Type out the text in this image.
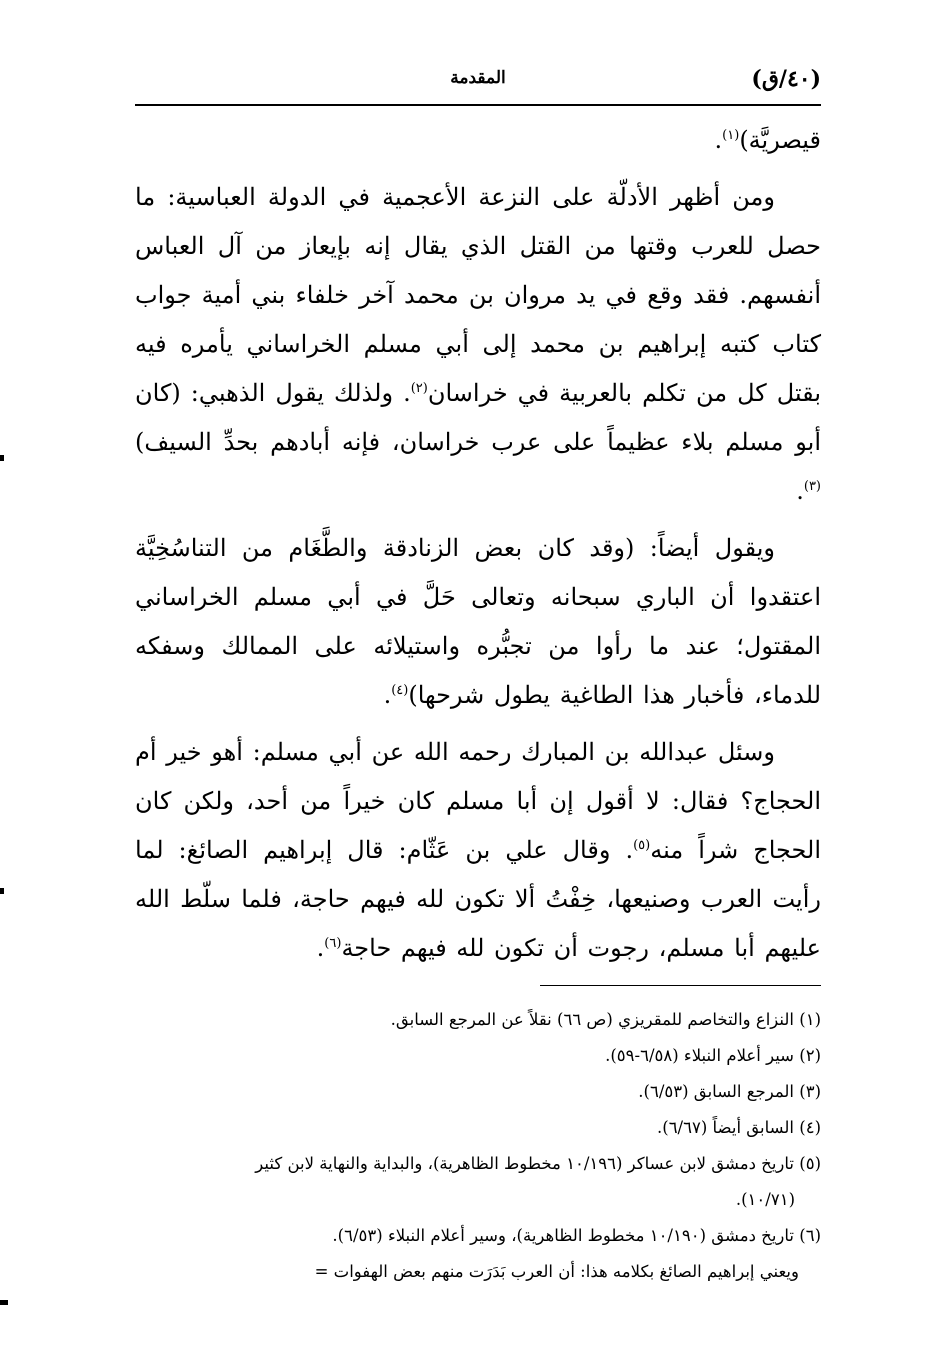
(٤٠/ق)
المقدمة

قيصريَّة)$^{(١)}$.

ومن أظهر الأدلّة على النزعة الأعجمية في الدولة العباسية: ما حصل للعرب وقتها من القتل الذي يقال إنه بإيعاز من آل العباس أنفسهم. فقد وقع في يد مروان بن محمد آخر خلفاء بني أمية جواب كتاب كتبه إبراهيم بن محمد إلى أبي مسلم الخراساني يأمره فيه بقتل كل من تكلم بالعربية في خراسان$^{(٢)}$. ولذلك يقول الذهبي: (كان أبو مسلم بلاء عظيماً على عرب خراسان، فإنه أبادهم بحدِّ السيف)$^{(٣)}$.

ويقول أيضاً: (وقد كان بعض الزنادقة والطَّغَام من التناسُخِيَّة اعتقدوا أن الباري سبحانه وتعالى حَلَّ في أبي مسلم الخراساني المقتول؛ عند ما رأوا من تجبُّره واستيلائه على الممالك وسفكه للدماء، فأخبار هذا الطاغية يطول شرحها)$^{(٤)}$.

وسئل عبدالله بن المبارك رحمه الله عن أبي مسلم: أهو خير أم الحجاج؟ فقال: لا أقول إن أبا مسلم كان خيراً من أحد، ولكن كان الحجاج شراً منه$^{(٥)}$. وقال علي بن عَثّام: قال إبراهيم الصائغ: لما رأيت العرب وصنيعها، خِفْتُ ألا تكون لله فيهم حاجة، فلما سلّط الله عليهم أبا مسلم، رجوت أن تكون لله فيهم حاجة$^{(٦)}$.

(١) النزاع والتخاصم للمقريزي (ص ٦٦) نقلاً عن المرجع السابق.

(٢) سير أعلام النبلاء (٦/٥٨-٥٩).

(٣) المرجع السابق (٦/٥٣).

(٤) السابق أيضاً (٦/٦٧).

(٥) تاريخ دمشق لابن عساكر (١٠/١٩٦ مخطوط الظاهرية)، والبداية والنهاية لابن كثير

(١٠/٧١).

(٦) تاريخ دمشق (١٠/١٩٠ مخطوط الظاهرية)، وسير أعلام النبلاء (٦/٥٣).

ويعني إبراهيم الصائغ بكلامه هذا: أن العرب بَدَرَت منهم بعض الهفوات =
